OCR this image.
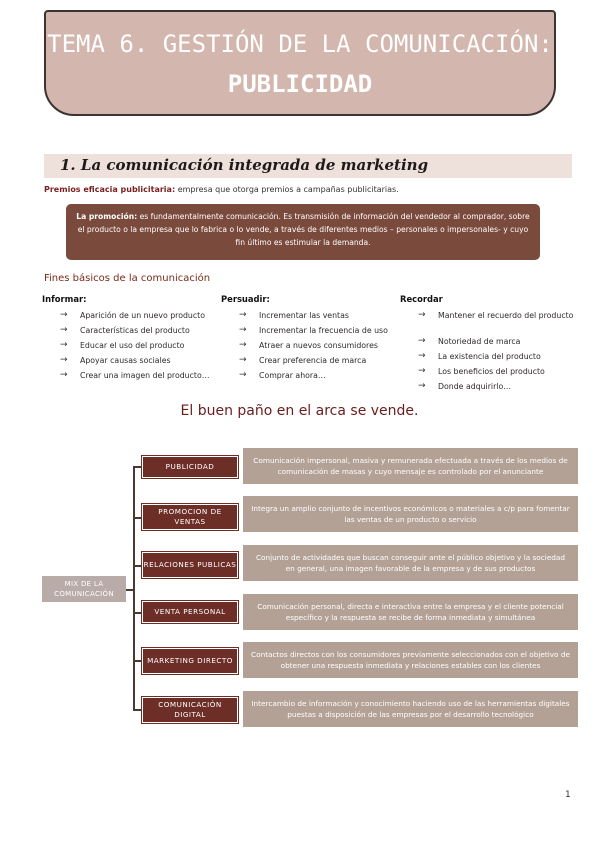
TEMA 6. GESTIÓN DE LA COMUNICACIÓN:
PUBLICIDAD
1. La comunicación integrada de marketing
Premios eficacia publicitaria: empresa que otorga premios a campañas publicitarias.
La promoción: es fundamentalmente comunicación. Es transmisión de información del vendedor al comprador, sobre el producto o la empresa que lo fabrica o lo vende, a través de diferentes medios – personales o impersonales- y cuyo fin último es estimular la demanda.
Fines básicos de la comunicación
Informar:
→ Aparición de un nuevo producto
→ Características del producto
→ Educar el uso del producto
→ Apoyar causas sociales
→ Crear una imagen del producto…
Persuadir:
→ Incrementar las ventas
→ Incrementar la frecuencia de uso
→ Atraer a nuevos consumidores
→ Crear preferencia de marca
→ Comprar ahora…
Recordar
→ Mantener el recuerdo del producto
→ Notoriedad de marca
→ La existencia del producto
→ Los beneficios del producto
→ Donde adquirirlo…
El buen paño en el arca se vende.
MIX DE LA COMUNICACIÓN
PUBLICIDAD
Comunicación impersonal, masiva y remunerada efectuada a través de los medios de comunicación de masas y cuyo mensaje es controlado por el anunciante
PROMOCION DE VENTAS
Integra un amplio conjunto de incentivos económicos o materiales a c/p para fomentar las ventas de un producto o servicio
RELACIONES PUBLICAS
Conjunto de actividades que buscan conseguir ante el público objetivo y la sociedad en general, una imagen favorable de la empresa y de sus productos
VENTA PERSONAL
Comunicación personal, directa e interactiva entre la empresa y el cliente potencial específico y la respuesta se recibe de forma inmediata y simultánea
MARKETING DIRECTO
Contactos directos con los consumidores previamente seleccionados con el objetivo de obtener una respuesta inmediata y relaciones estables con los clientes
COMUNICACIÓN DIGITAL
Intercambio de información y conocimiento haciendo uso de las herramientas digitales puestas a disposición de las empresas por el desarrollo tecnológico
1
